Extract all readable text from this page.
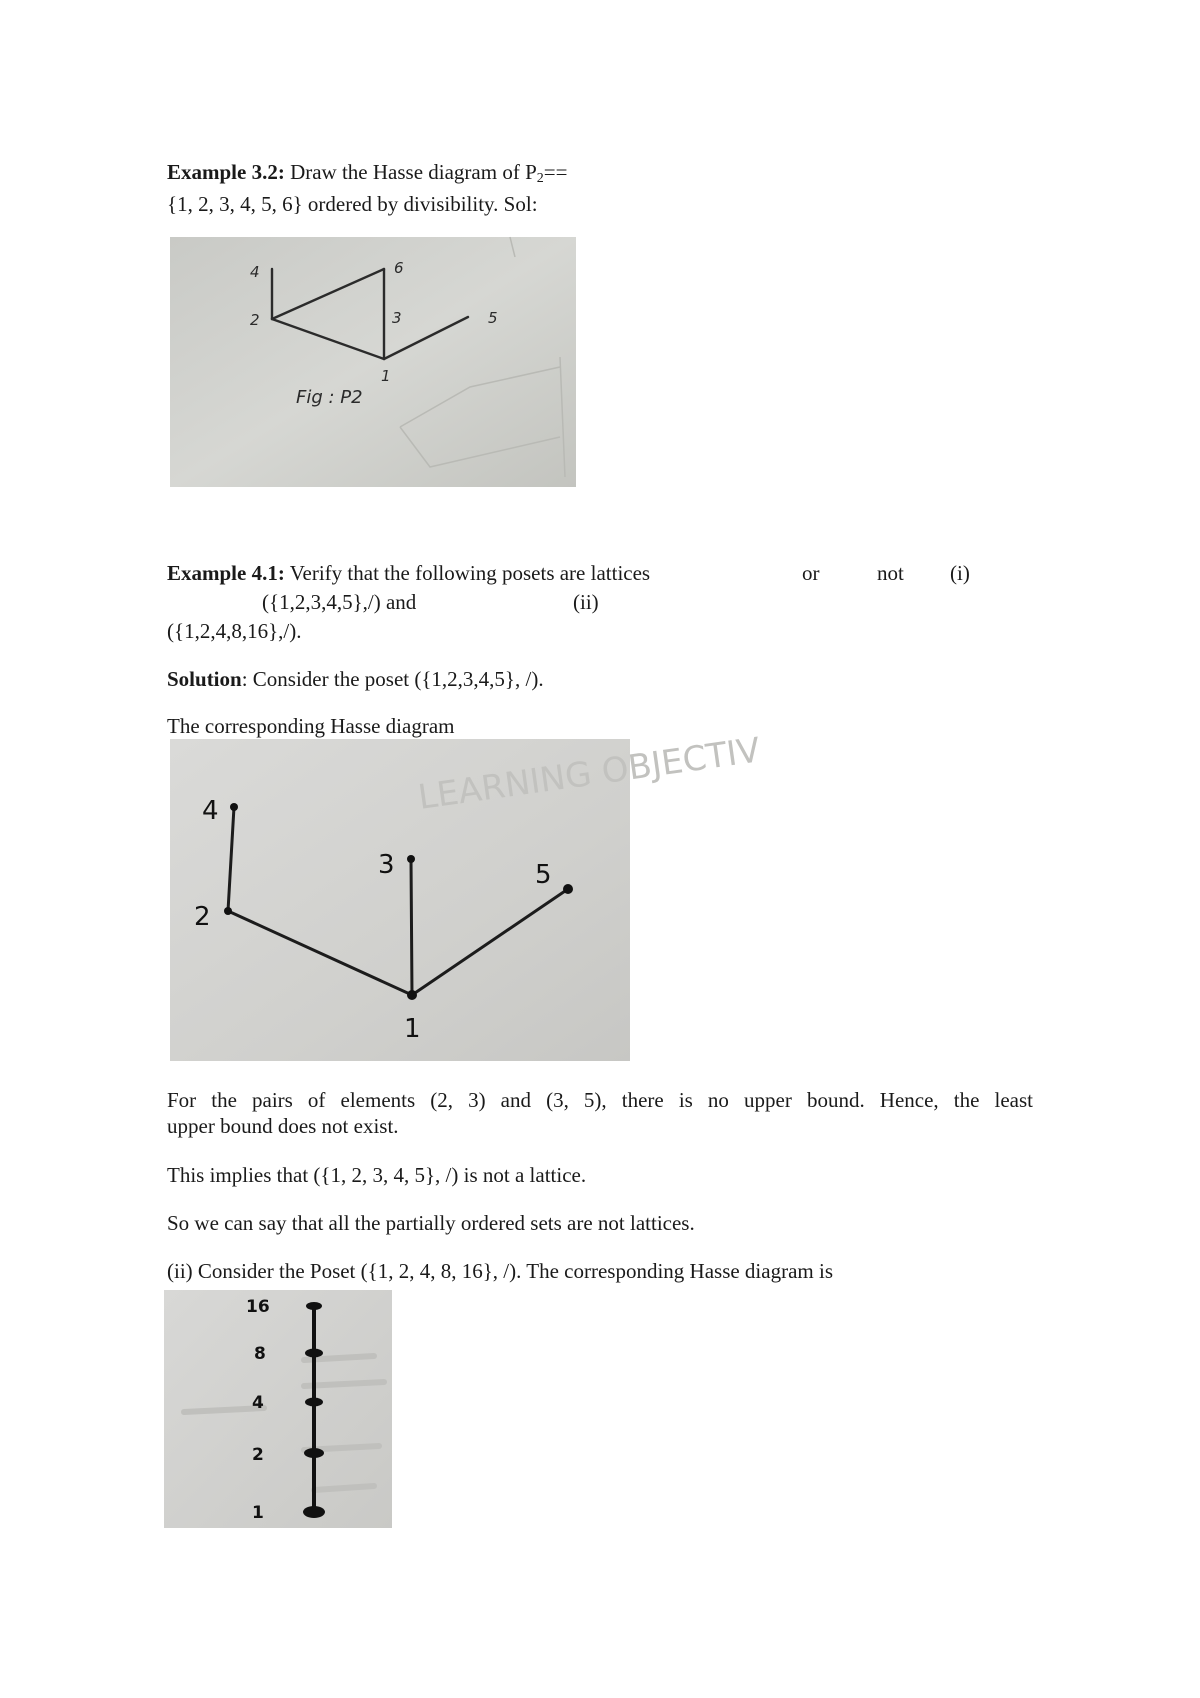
Example 3.2: Draw the Hasse diagram of $P_2==$
{1, 2, 3, 4, 5, 6} ordered by divisibility. Sol:
4	6
2	3	5
1
Fig : P2
Example 4.1: Verify that the following posets are lattices	or	not (i)
({1,2,3,4,5},/) and	(ii)
({1,2,4,8,16},/).
Solution: Consider the poset ({1,2,3,4,5}, /).
The corresponding Hasse diagram
LEARNING OBJECTIV
4
3	5
2
1
For the pairs of elements (2, 3) and (3, 5), there is no upper bound. Hence, the least
upper bound does not exist.
This implies that ({1, 2, 3, 4, 5}, /) is not a lattice.
So we can say that all the partially ordered sets are not lattices.
(ii) Consider the Poset ({1, 2, 4, 8, 16}, /). The corresponding Hasse diagram is
16
8
4
2
1
